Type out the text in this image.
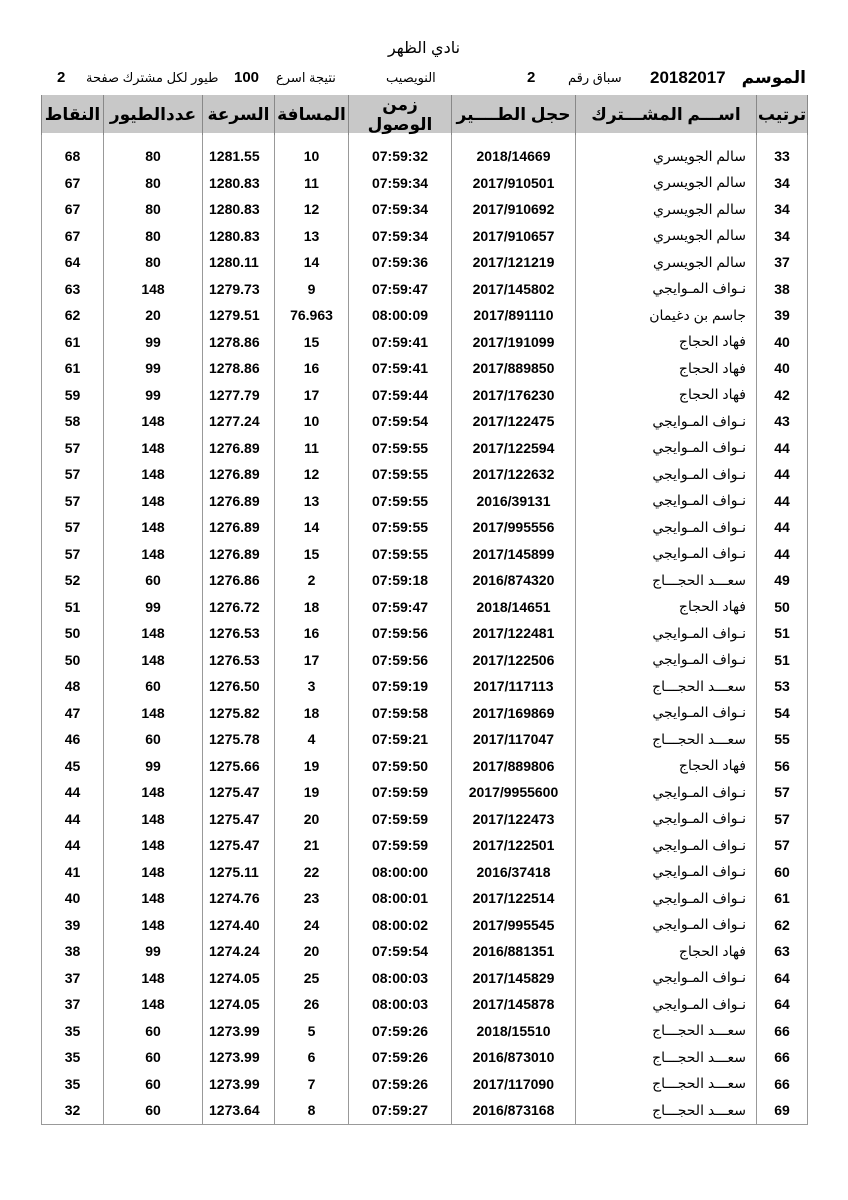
نادي الظهر
الموسم
20182017
سباق رقم
2
النويصيب
نتيجة اسرع
100
طيور لكل مشترك صفحة
2
ترتيب	اســـم المشـــترك	حجل الطــــير	زمن الوصول	المسافة	السرعة	عددالطيور	النقاط

33	سالم الجويسري	2018/14669	07:59:32	10	1281.55	80	68
34	سالم الجويسري	2017/910501	07:59:34	11	1280.83	80	67
34	سالم الجويسري	2017/910692	07:59:34	12	1280.83	80	67
34	سالم الجويسري	2017/910657	07:59:34	13	1280.83	80	67
37	سالم الجويسري	2017/121219	07:59:36	14	1280.11	80	64
38	نـواف المـوايجي	2017/145802	07:59:47	9	1279.73	148	63
39	جاسم بن دغيمان	2017/891110	08:00:09	76.963	1279.51	20	62
40	فهاد الحجاج	2017/191099	07:59:41	15	1278.86	99	61
40	فهاد الحجاج	2017/889850	07:59:41	16	1278.86	99	61
42	فهاد الحجاج	2017/176230	07:59:44	17	1277.79	99	59
43	نـواف المـوايجي	2017/122475	07:59:54	10	1277.24	148	58
44	نـواف المـوايجي	2017/122594	07:59:55	11	1276.89	148	57
44	نـواف المـوايجي	2017/122632	07:59:55	12	1276.89	148	57
44	نـواف المـوايجي	2016/39131	07:59:55	13	1276.89	148	57
44	نـواف المـوايجي	2017/995556	07:59:55	14	1276.89	148	57
44	نـواف المـوايجي	2017/145899	07:59:55	15	1276.89	148	57
49	سعـــد الحجـــاج	2016/874320	07:59:18	2	1276.86	60	52
50	فهاد الحجاج	2018/14651	07:59:47	18	1276.72	99	51
51	نـواف المـوايجي	2017/122481	07:59:56	16	1276.53	148	50
51	نـواف المـوايجي	2017/122506	07:59:56	17	1276.53	148	50
53	سعـــد الحجـــاج	2017/117113	07:59:19	3	1276.50	60	48
54	نـواف المـوايجي	2017/169869	07:59:58	18	1275.82	148	47
55	سعـــد الحجـــاج	2017/117047	07:59:21	4	1275.78	60	46
56	فهاد الحجاج	2017/889806	07:59:50	19	1275.66	99	45
57	نـواف المـوايجي	2017/9955600	07:59:59	19	1275.47	148	44
57	نـواف المـوايجي	2017/122473	07:59:59	20	1275.47	148	44
57	نـواف المـوايجي	2017/122501	07:59:59	21	1275.47	148	44
60	نـواف المـوايجي	2016/37418	08:00:00	22	1275.11	148	41
61	نـواف المـوايجي	2017/122514	08:00:01	23	1274.76	148	40
62	نـواف المـوايجي	2017/995545	08:00:02	24	1274.40	148	39
63	فهاد الحجاج	2016/881351	07:59:54	20	1274.24	99	38
64	نـواف المـوايجي	2017/145829	08:00:03	25	1274.05	148	37
64	نـواف المـوايجي	2017/145878	08:00:03	26	1274.05	148	37
66	سعـــد الحجـــاج	2018/15510	07:59:26	5	1273.99	60	35
66	سعـــد الحجـــاج	2016/873010	07:59:26	6	1273.99	60	35
66	سعـــد الحجـــاج	2017/117090	07:59:26	7	1273.99	60	35
69	سعـــد الحجـــاج	2016/873168	07:59:27	8	1273.64	60	32
